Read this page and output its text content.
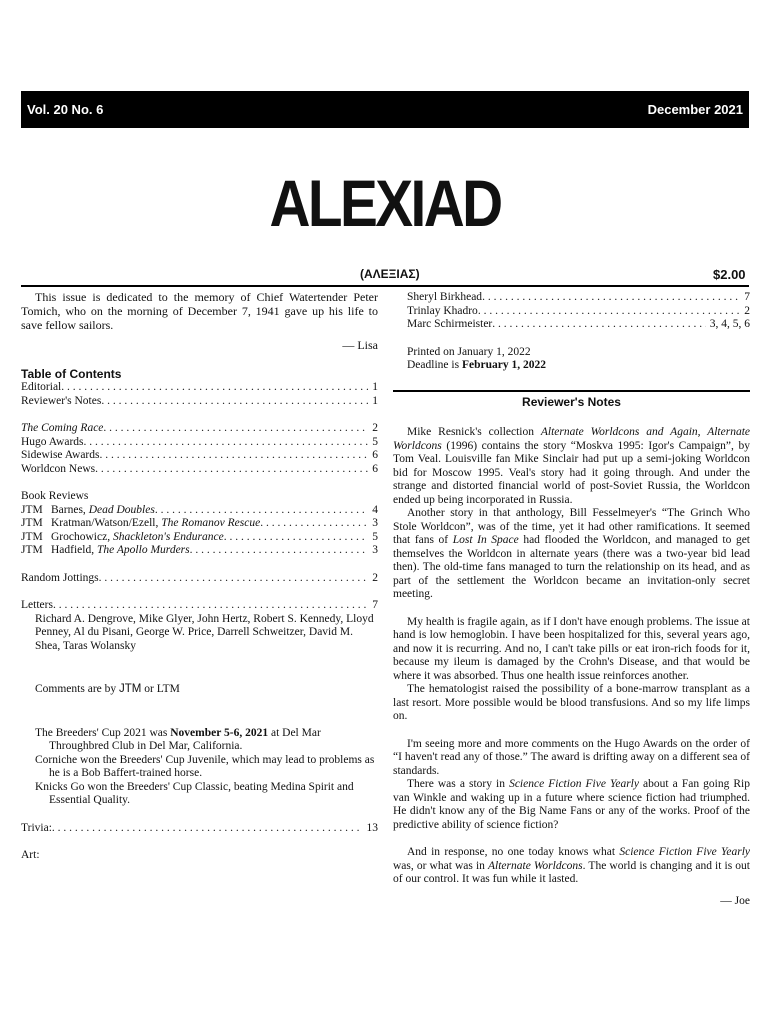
Vol. 20 No. 6	December 2021
ALEXIAD
(ΑΛΕΞΙΑΣ)	$2.00

This issue is dedicated to the memory of Chief Watertender Peter Tomich, who on the morning of December 7, 1941 gave up his life to save fellow sailors.

— Lisa

Table of Contents

Editorial . . .	1
Reviewer's Notes . . .	1
The Coming Race . . .	2
Hugo Awards . . .	5
Sidewise Awards . . .	6
Worldcon News . . .	6

Book Reviews

JTM Barnes, Dead Doubles . . .	4
JTM Kratman/Watson/Ezell, The Romanov Rescue . . .	3
JTM Grochowicz, Shackleton's Endurance . . .	5
JTM Hadfield, The Apollo Murders . . .	3
Random Jottings . . .	2
Letters . . .	7

Richard A. Dengrove, Mike Glyer, John Hertz, Robert S. Kennedy, Lloyd Penney, Al du Pisani, George W. Price, Darrell Schweitzer, David M. Shea, Taras Wolansky

Comments are by JTM or LTM

The Breeders' Cup 2021 was November 5-6, 2021 at Del Mar Throughbred Club in Del Mar, California.

Corniche won the Breeders' Cup Juvenile, which may lead to problems as he is a Bob Baffert-trained horse.

Knicks Go won the Breeders' Cup Classic, beating Medina Spirit and Essential Quality.

Trivia: . . .	13

Art:

Sheryl Birkhead . . .	7
Trinlay Khadro . . .	2
Marc Schirmeister . . .	3, 4, 5, 6

Printed on January 1, 2022

Deadline is February 1, 2022

Reviewer's Notes

Mike Resnick's collection Alternate Worldcons and Again, Alternate Worldcons (1996) contains the story “Moskva 1995: Igor's Campaign”, by Tom Veal. Louisville fan Mike Sinclair had put up a semi-joking Worldcon bid for Moscow 1995. Veal's story had it going through. And under the strange and distorted financial world of post-Soviet Russia, the Worldcon ended up being incorporated in Russia.

Another story in that anthology, Bill Fesselmeyer's “The Grinch Who Stole Worldcon”, was of the time, yet it had other ramifications. It seemed that fans of Lost In Space had flooded the Worldcon, and managed to get themselves the Worldcon in alternate years (there was a two-year bid lead then). The old-time fans managed to turn the relationship on its head, and as part of the settlement the Worldcon became an invitation-only secret meeting.

My health is fragile again, as if I don't have enough problems. The issue at hand is low hemoglobin. I have been hospitalized for this, several years ago, and now it is recurring. And no, I can't take pills or eat iron-rich foods for it, because my ileum is damaged by the Crohn's Disease, and that would be where it was absorbed. Thus one health issue reinforces another.

The hematologist raised the possibility of a bone-marrow transplant as a last resort. More possible would be blood transfusions. And so my life limps on.

I'm seeing more and more comments on the Hugo Awards on the order of “I haven't read any of those.” The award is drifting away on a different sea of standards.

There was a story in Science Fiction Five Yearly about a Fan going Rip van Winkle and waking up in a future where science fiction had triumphed. He didn't know any of the Big Name Fans or any of the works. Proof of the predictive ability of science fiction?

And in response, no one today knows what Science Fiction Five Yearly was, or what was in Alternate Worldcons. The world is changing and it is out of our control. It was fun while it lasted.

— Joe
